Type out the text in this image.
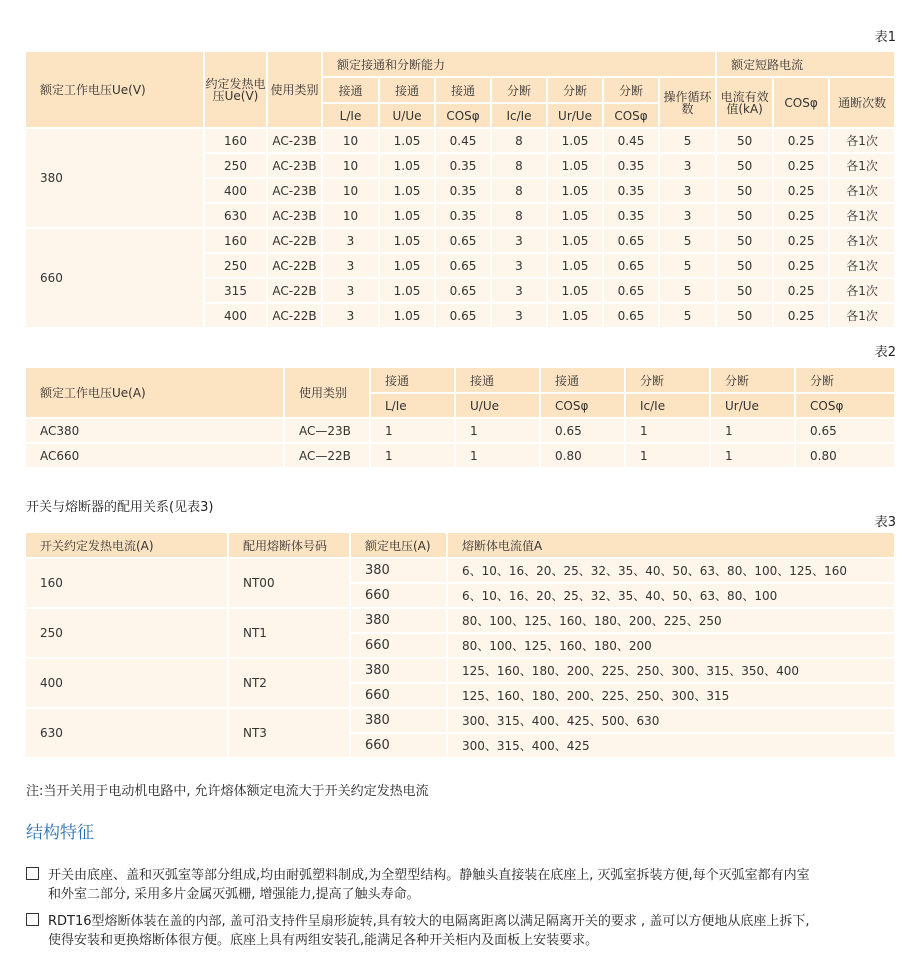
表1
额定工作电压Ue(V)	约定发热电压Ue(V)	使用类别	额定接通和分断能力							额定短路电流		
			接通	接通	接通	分断	分断	分断	操作循环数	电流有效值(kA)	COSφ	通断次数
			L/Ie	U/Ue	COSφ	Ic/Ie	Ur/Ue	COSφ				
380	160	AC-23B	10	1.05	0.45	8	1.05	0.45	5	50	0.25	各1次
	250	AC-23B	10	1.05	0.35	8	1.05	0.35	3	50	0.25	各1次
	400	AC-23B	10	1.05	0.35	8	1.05	0.35	3	50	0.25	各1次
	630	AC-23B	10	1.05	0.35	8	1.05	0.35	3	50	0.25	各1次
660	160	AC-22B	3	1.05	0.65	3	1.05	0.65	5	50	0.25	各1次
	250	AC-22B	3	1.05	0.65	3	1.05	0.65	5	50	0.25	各1次
	315	AC-22B	3	1.05	0.65	3	1.05	0.65	5	50	0.25	各1次
	400	AC-22B	3	1.05	0.65	3	1.05	0.65	5	50	0.25	各1次
表2
额定工作电压Ue(A)	使用类别	接通	接通	接通	分断	分断	分断
		L/Ie	U/Ue	COSφ	Ic/Ie	Ur/Ue	COSφ
AC380	AC—23B	1	1	0.65	1	1	0.65
AC660	AC—22B	1	1	0.80	1	1	0.80
开关与熔断器的配用关系(见表3)
表3
开关约定发热电流(A)	配用熔断体号码	额定电压(A)	熔断体电流值A
160	NT00	380	6、10、16、20、25、32、35、40、50、63、80、100、125、160
		660	6、10、16、20、25、32、35、40、50、63、80、100
250	NT1	380	80、100、125、160、180、200、225、250
		660	80、100、125、160、180、200
400	NT2	380	125、160、180、200、225、250、300、315、350、400
		660	125、160、180、200、225、250、300、315
630	NT3	380	300、315、400、425、500、630
		660	300、315、400、425
注:当开关用于电动机电路中, 允许熔体额定电流大于开关约定发热电流
结构特征
开关由底座、盖和灭弧室等部分组成,均由耐弧塑料制成,为全塑型结构。静触头直接装在底座上, 灭弧室拆装方便,每个灭弧室都有内室
和外室二部分, 采用多片金属灭弧栅, 增强能力,提高了触头寿命。
RDT16型熔断体装在盖的内部, 盖可沿支持件呈扇形旋转,具有较大的电隔离距离以满足隔离开关的要求 , 盖可以方便地从底座上拆下,
使得安装和更换熔断体很方便。底座上具有两组安装孔,能满足各种开关柜内及面板上安装要求。
